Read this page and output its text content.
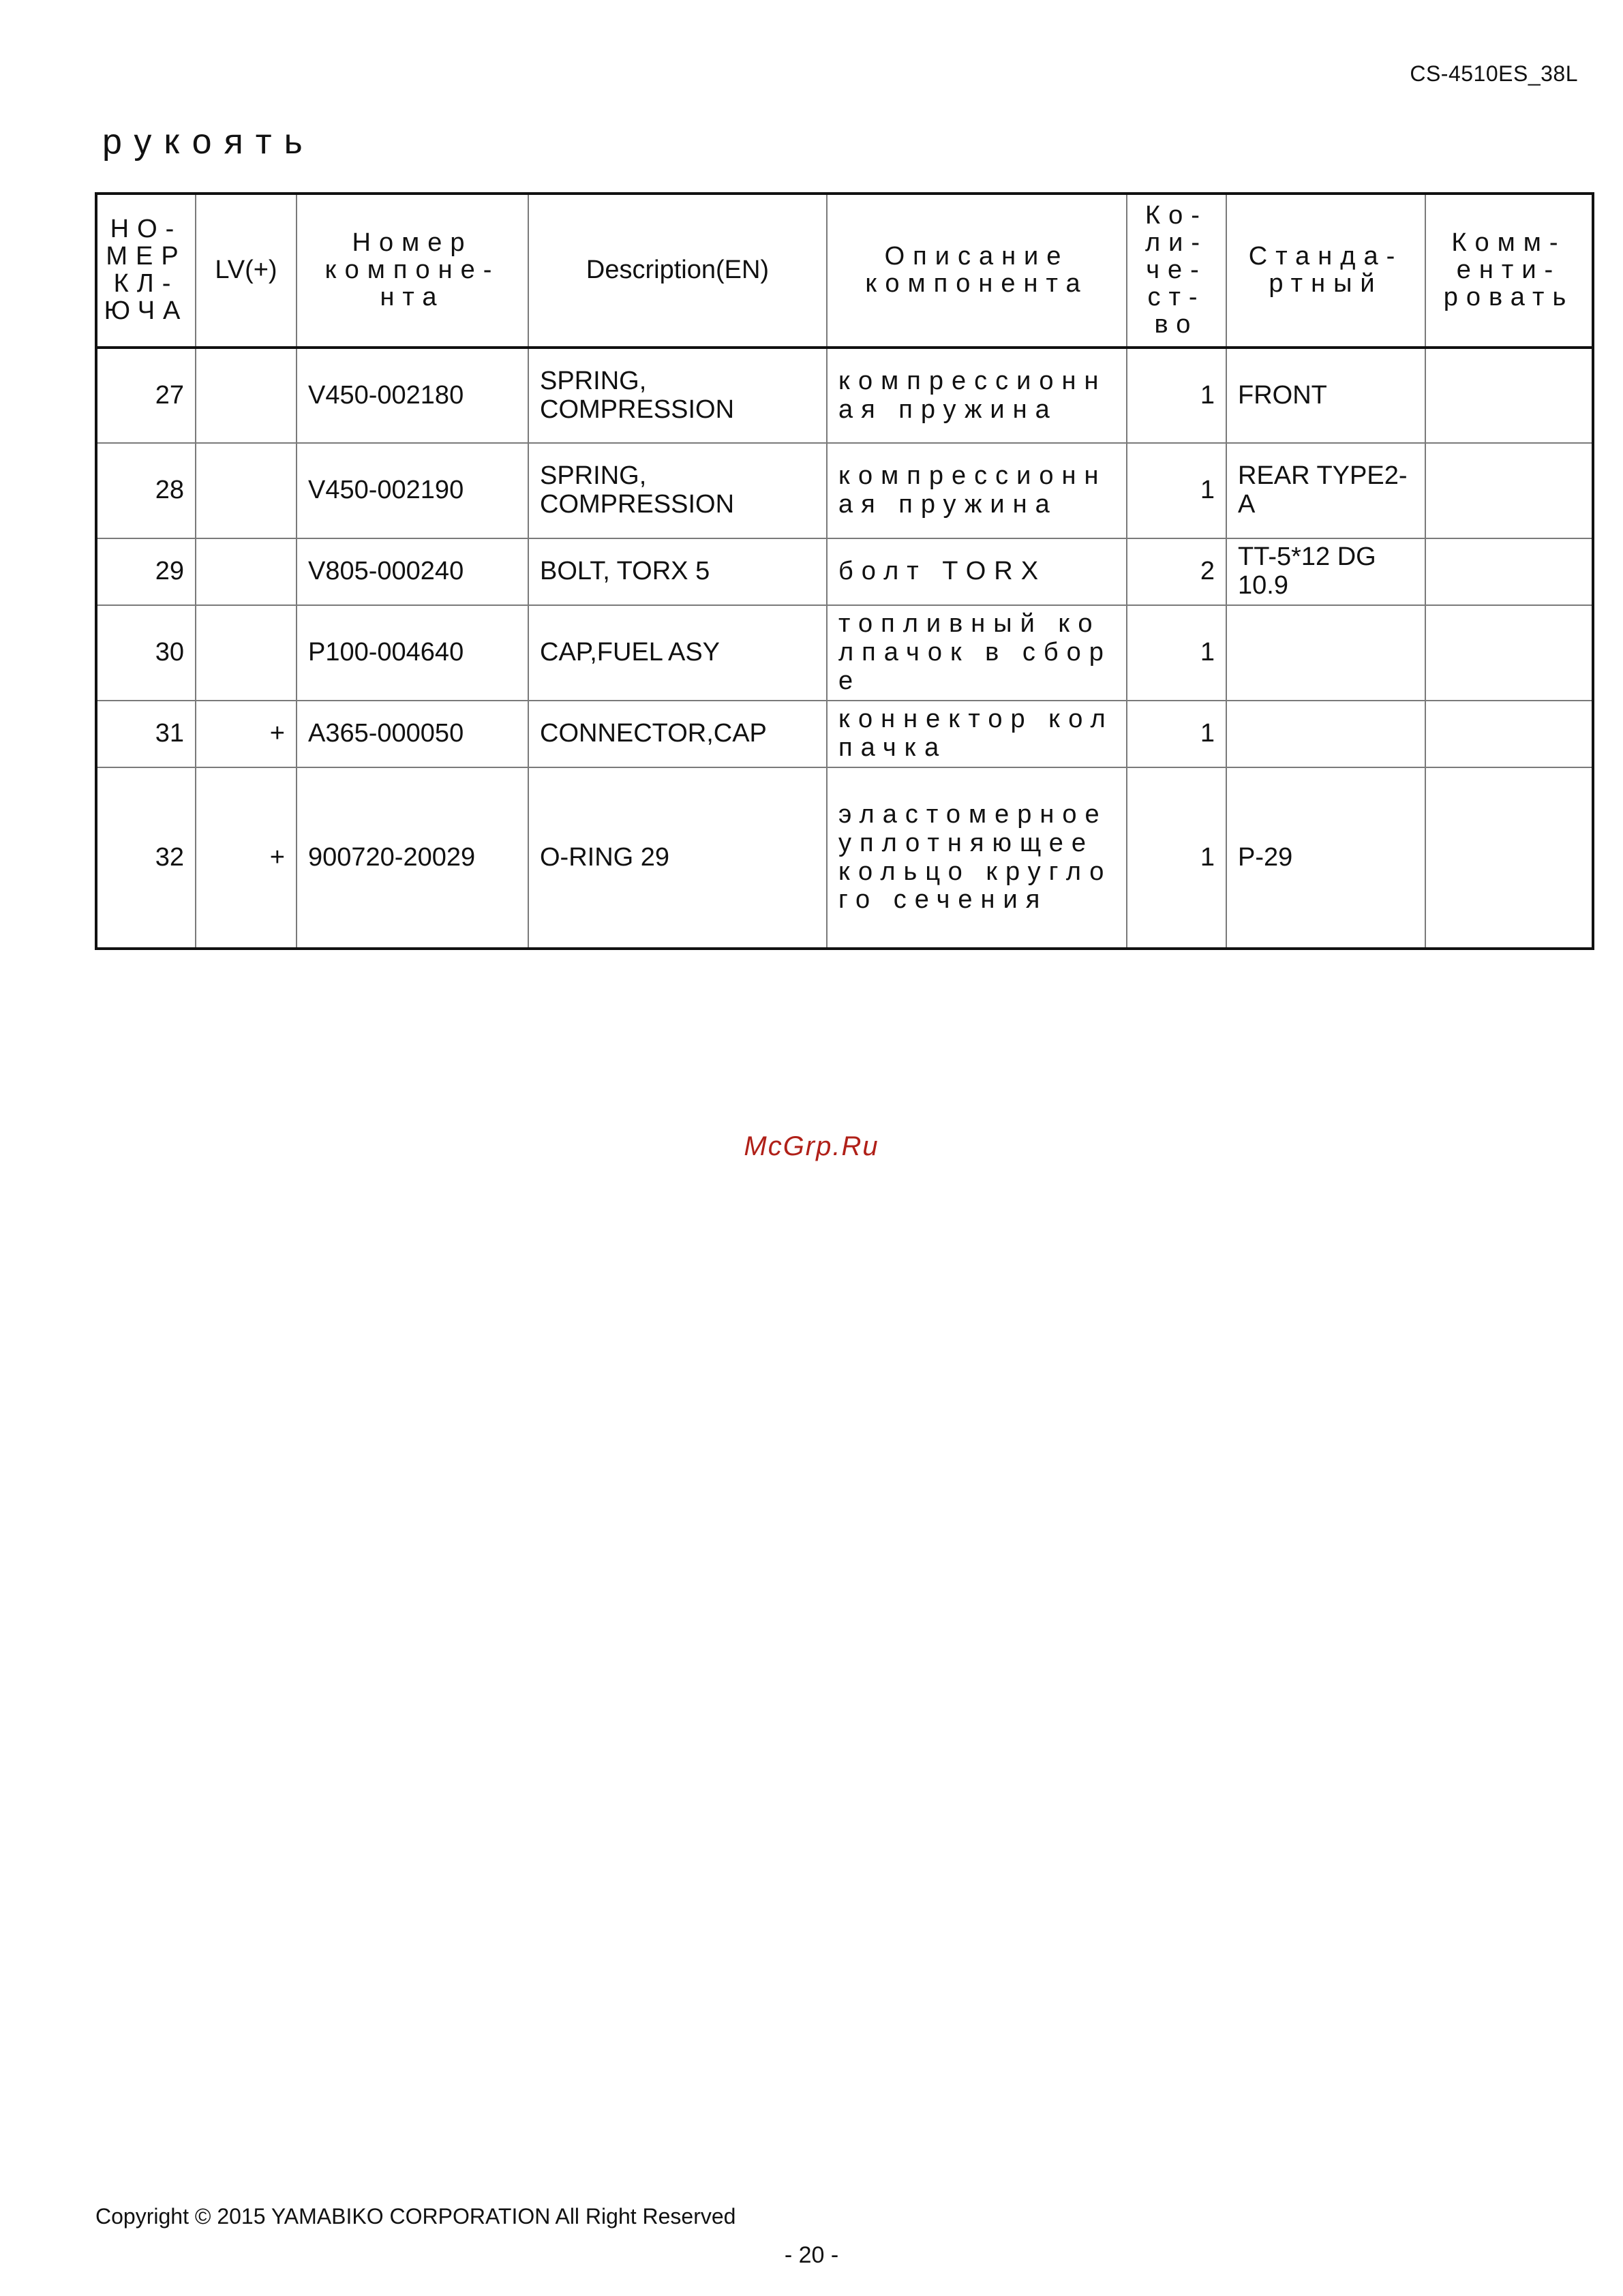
CS-4510ES_38L
рукоять
НО-МЕР КЛ-ЮЧА	LV(+)	Номер компоне-нта	Description(EN)	Описание компонента	Ко-ли-че-ст-во	Станда-ртный	Комм-енти-ровать
27		V450-002180	SPRING, COMPRESSION	компрессионная пружина	1	FRONT	
28		V450-002190	SPRING, COMPRESSION	компрессионная пружина	1	REAR TYPE2-A	
29		V805-000240	BOLT, TORX 5	болт TORX	2	TT-5*12 DG 10.9	
30		P100-004640	CAP,FUEL ASY	топливный колпачок в сборе	1		
31	+	A365-000050	CONNECTOR,CAP	коннектор колпачка	1		
32	+	900720-20029	O-RING 29	эластомерное уплотняющее кольцо круглого сечения	1	P-29	
McGrp.Ru
Copyright © 2015 YAMABIKO CORPORATION All Right Reserved
- 20 -
